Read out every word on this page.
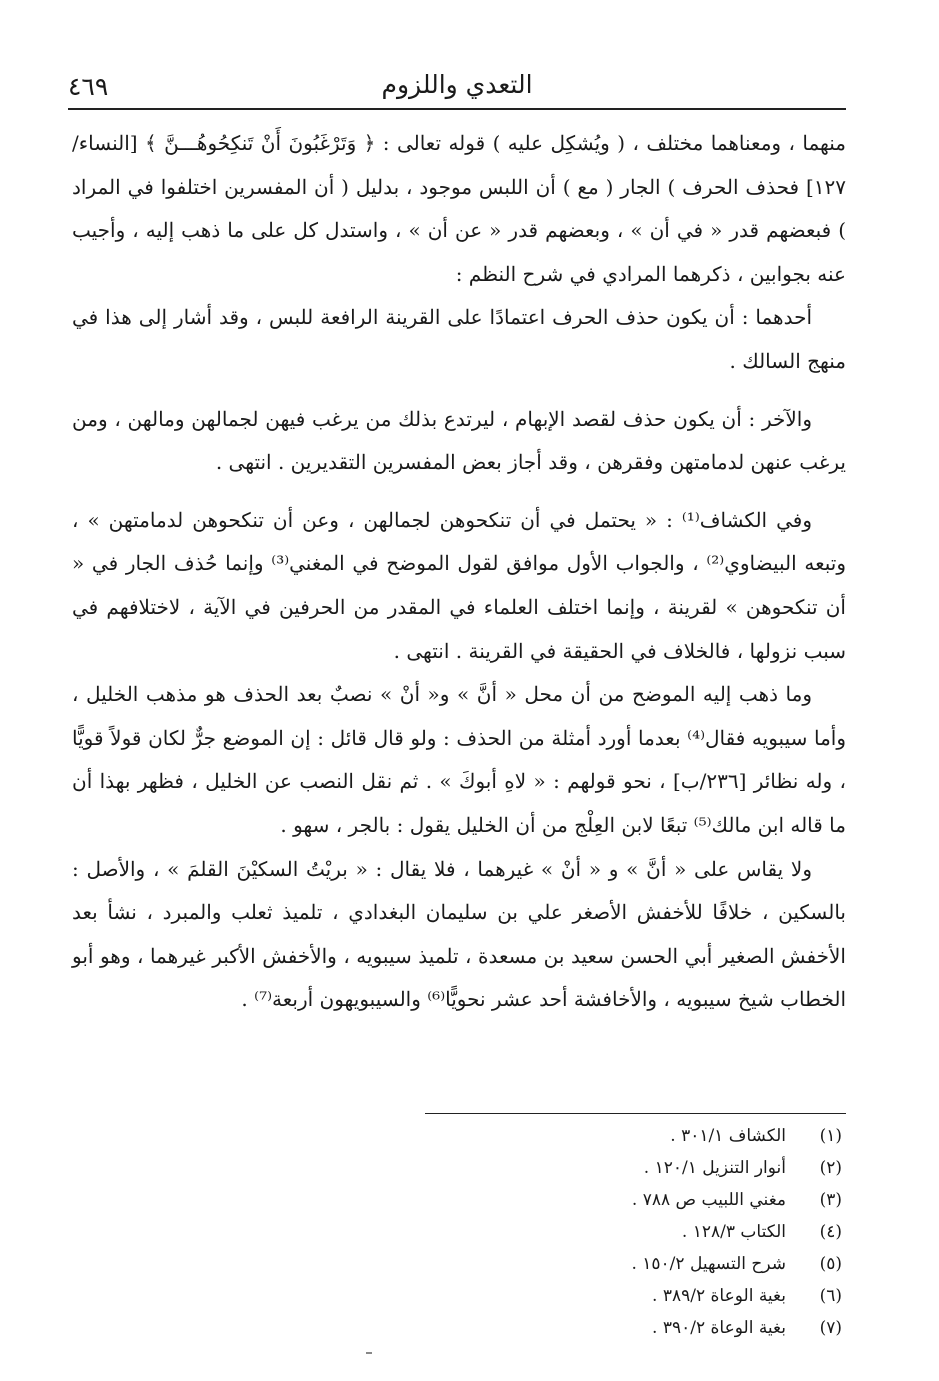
٤٦٩	التعدي واللزوم

منهما ، ومعناهما مختلف ، ( ويُشكِل عليه ) قوله تعالى : ﴿ وَتَرْغَبُونَ أَنْ تَنكِحُوهُـــنَّ ﴾ [النساء/١٢٧] فحذف الحرف ) الجار ( مع ) أن اللبس موجود ، بدليل ( أن المفسرين اختلفوا في المراد ) فبعضهم قدر « في أن » ، وبعضهم قدر « عن أن » ، واستدل كل على ما ذهب إليه ، وأجيب عنه بجوابين ، ذكرهما المرادي في شرح النظم :

أحدهما : أن يكون حذف الحرف اعتمادًا على القرينة الرافعة للبس ، وقد أشار إلى هذا في منهج السالك .

والآخر : أن يكون حذف لقصد الإبهام ، ليرتدع بذلك من يرغب فيهن لجمالهن ومالهن ، ومن يرغب عنهن لدمامتهن وفقرهن ، وقد أجاز بعض المفسرين التقديرين . انتهى .

وفي الكشاف⁽¹⁾ : « يحتمل في أن تنكحوهن لجمالهن ، وعن أن تنكحوهن لدمامتهن » ، وتبعه البيضاوي⁽²⁾ ، والجواب الأول موافق لقول الموضح في المغني⁽³⁾ وإنما حُذف الجار في « أن تنكحوهن » لقرينة ، وإنما اختلف العلماء في المقدر من الحرفين في الآية ، لاختلافهم في سبب نزولها ، فالخلاف في الحقيقة في القرينة . انتهى .

وما ذهب إليه الموضح من أن محل « أنَّ » و« أنْ » نصبٌ بعد الحذف هو مذهب الخليل ، وأما سيبويه فقال⁽⁴⁾ بعدما أورد أمثلة من الحذف : ولو قال قائل : إن الموضع جرٌّ لكان قولاً قويًّا ، وله نظائر [٢٣٦/ب] ، نحو قولهم : « لاهِ أبوكَ » . ثم نقل النصب عن الخليل ، فظهر بهذا أن ما قاله ابن مالك⁽⁵⁾ تبعًا لابن العِلْج من أن الخليل يقول : بالجر ، سهو .

ولا يقاس على « أنَّ » و « أنْ » غيرهما ، فلا يقال : « بريْتُ السكيْنَ القلمَ » ، والأصل : بالسكين ، خلافًا للأخفش الأصغر علي بن سليمان البغدادي ، تلميذ ثعلب والمبرد ، نشأ بعد الأخفش الصغير أبي الحسن سعيد بن مسعدة ، تلميذ سيبويه ، والأخفش الأكبر غيرهما ، وهو أبو الخطاب شيخ سيبويه ، والأخافشة أحد عشر نحويًّا⁽⁶⁾ والسيبويهون أربعة⁽⁷⁾ .

(١)الكشاف ٣٠١/١ .
(٢)أنوار التنزيل ١٢٠/١ .
(٣)مغني اللبيب ص ٧٨٨ .
(٤)الكتاب ١٢٨/٣ .
(٥)شرح التسهيل ١٥٠/٢ .
(٦)بغية الوعاة ٣٨٩/٢ .
(٧)بغية الوعاة ٣٩٠/٢ .
